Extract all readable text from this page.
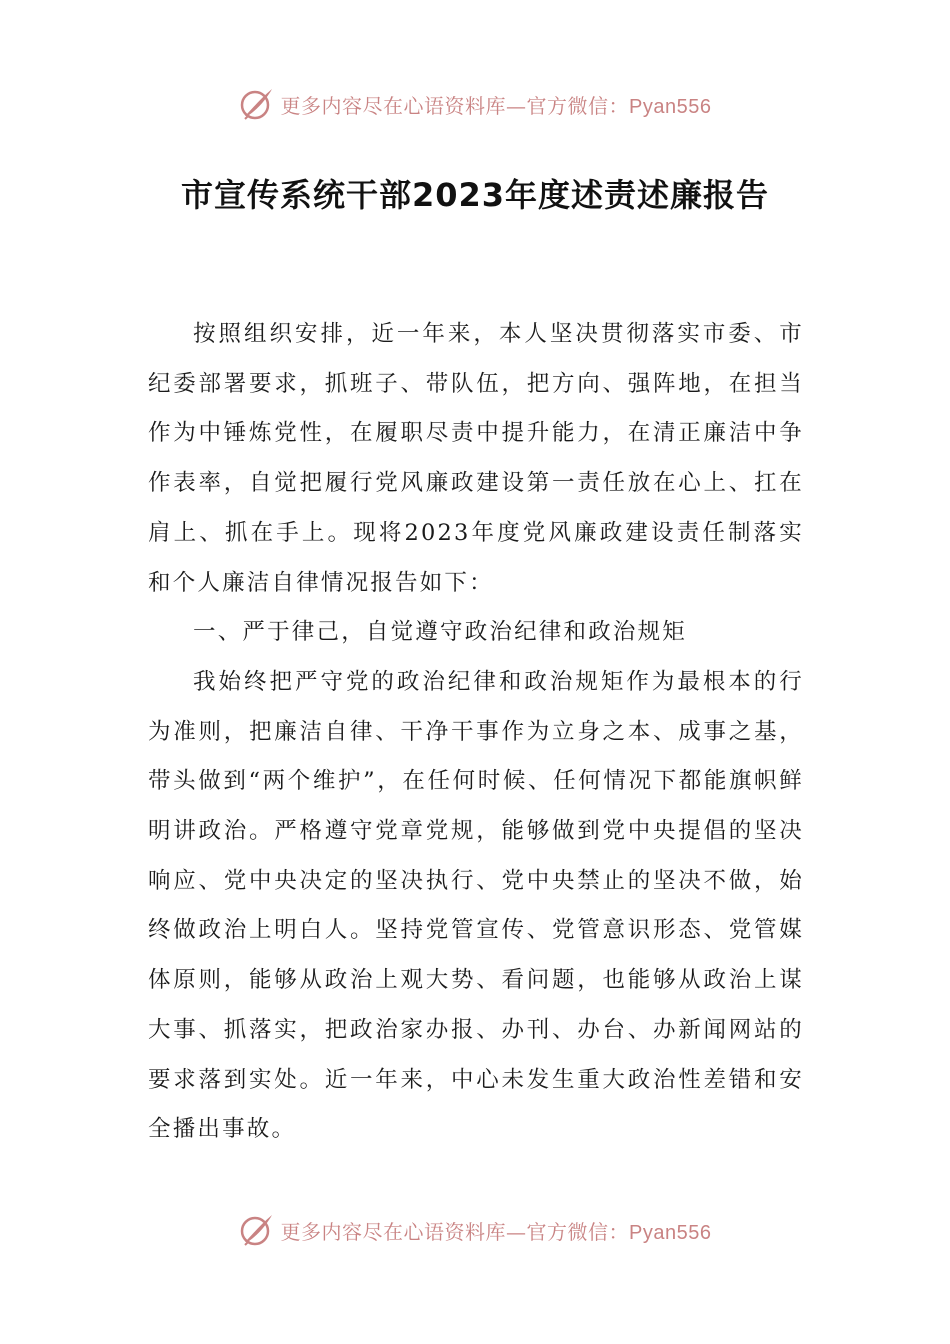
更多内容尽在心语资料库—官方微信：Pyan556
市宣传系统干部2023年度述责述廉报告

按照组织安排，近一年来，本人坚决贯彻落实市委、市纪委部署要求，抓班子、带队伍，把方向、强阵地，在担当作为中锤炼党性，在履职尽责中提升能力，在清正廉洁中争作表率，自觉把履行党风廉政建设第一责任放在心上、扛在肩上、抓在手上。现将2023年度党风廉政建设责任制落实和个人廉洁自律情况报告如下：

一、严于律己，自觉遵守政治纪律和政治规矩

我始终把严守党的政治纪律和政治规矩作为最根本的行为准则，把廉洁自律、干净干事作为立身之本、成事之基，带头做到“两个维护”，在任何时候、任何情况下都能旗帜鲜明讲政治。严格遵守党章党规，能够做到党中央提倡的坚决响应、党中央决定的坚决执行、党中央禁止的坚决不做，始终做政治上明白人。坚持党管宣传、党管意识形态、党管媒体原则，能够从政治上观大势、看问题，也能够从政治上谋大事、抓落实，把政治家办报、办刊、办台、办新闻网站的要求落到实处。近一年来，中心未发生重大政治性差错和安全播出事故。

更多内容尽在心语资料库—官方微信：Pyan556
